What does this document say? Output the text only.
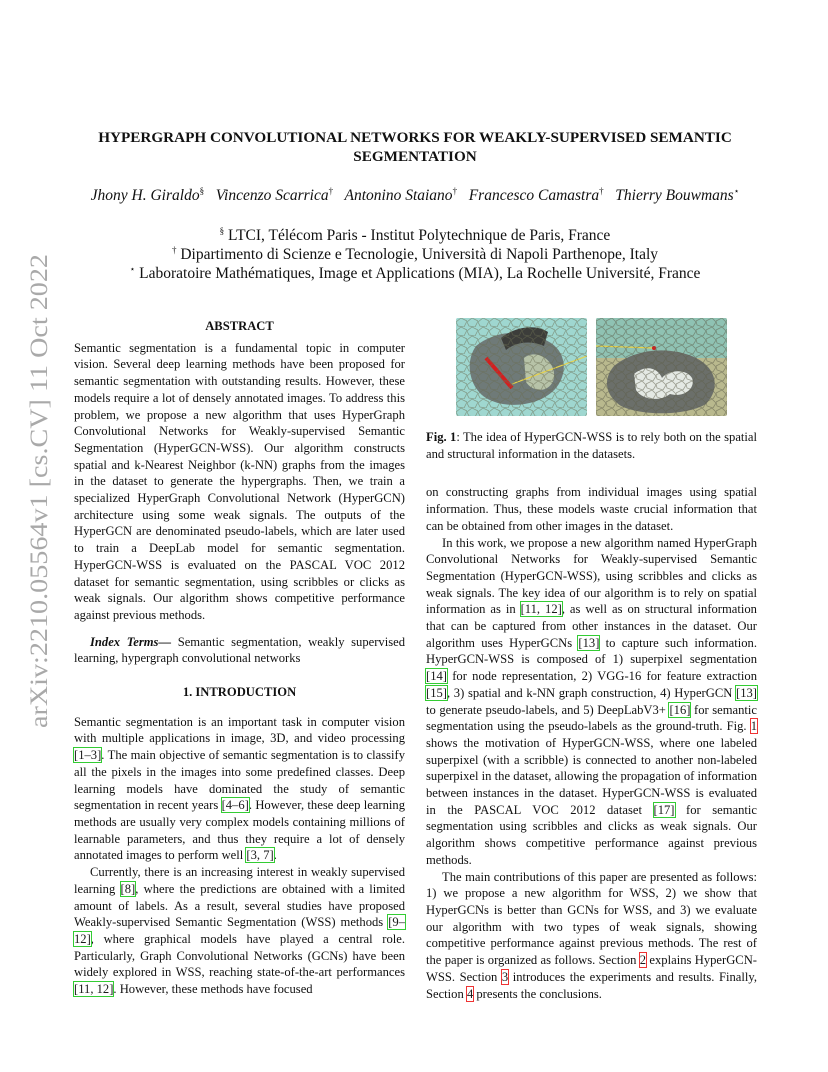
arXiv:2210.05564v1 [cs.CV] 11 Oct 2022
HYPERGRAPH CONVOLUTIONAL NETWORKS FOR WEAKLY-SUPERVISED SEMANTIC
SEGMENTATION
Jhony H. Giraldo§ Vincenzo Scarrica† Antonino Staiano† Francesco Camastra† Thierry Bouwmans⋆
§ LTCI, Télécom Paris - Institut Polytechnique de Paris, France
† Dipartimento di Scienze e Tecnologie, Università di Napoli Parthenope, Italy
⋆ Laboratoire Mathématiques, Image et Applications (MIA), La Rochelle Université, France
ABSTRACT

Semantic segmentation is a fundamental topic in computer vision. Several deep learning methods have been proposed for semantic segmentation with outstanding results. However, these models require a lot of densely annotated images. To address this problem, we propose a new algorithm that uses HyperGraph Convolutional Networks for Weakly-supervised Semantic Segmentation (HyperGCN-WSS). Our algorithm constructs spatial and k-Nearest Neighbor (k-NN) graphs from the images in the dataset to generate the hypergraphs. Then, we train a specialized HyperGraph Convolutional Network (HyperGCN) architecture using some weak signals. The outputs of the HyperGCN are denominated pseudo-labels, which are later used to train a DeepLab model for semantic segmentation. HyperGCN-WSS is evaluated on the PASCAL VOC 2012 dataset for semantic segmentation, using scribbles or clicks as weak signals. Our algorithm shows competitive performance against previous methods.

Index Terms— Semantic segmentation, weakly supervised learning, hypergraph convolutional networks

1. INTRODUCTION

Semantic segmentation is an important task in computer vision with multiple applications in image, 3D, and video processing [1–3]. The main objective of semantic segmentation is to classify all the pixels in the images into some predefined classes. Deep learning models have dominated the study of semantic segmentation in recent years [4–6]. However, these deep learning methods are usually very complex models containing millions of learnable parameters, and thus they require a lot of densely annotated images to perform well [3, 7].

Currently, there is an increasing interest in weakly supervised learning [8], where the predictions are obtained with a limited amount of labels. As a result, several studies have proposed Weakly-supervised Semantic Segmentation (WSS) methods [9–12], where graphical models have played a central role. Particularly, Graph Convolutional Networks (GCNs) have been widely explored in WSS, reaching state-of-the-art performances [11, 12]. However, these methods have focused

Fig. 1: The idea of HyperGCN-WSS is to rely both on the spatial and structural information in the datasets.

on constructing graphs from individual images using spatial information. Thus, these models waste crucial information that can be obtained from other images in the dataset.

In this work, we propose a new algorithm named HyperGraph Convolutional Networks for Weakly-supervised Semantic Segmentation (HyperGCN-WSS), using scribbles and clicks as weak signals. The key idea of our algorithm is to rely on spatial information as in [11, 12], as well as on structural information that can be captured from other instances in the dataset. Our algorithm uses HyperGCNs [13] to capture such information. HyperGCN-WSS is composed of 1) superpixel segmentation [14] for node representation, 2) VGG-16 for feature extraction [15], 3) spatial and k-NN graph construction, 4) HyperGCN [13] to generate pseudo-labels, and 5) DeepLabV3+ [16] for semantic segmentation using the pseudo-labels as the ground-truth. Fig. 1 shows the motivation of HyperGCN-WSS, where one labeled superpixel (with a scribble) is connected to another non-labeled superpixel in the dataset, allowing the propagation of information between instances in the dataset. HyperGCN-WSS is evaluated in the PASCAL VOC 2012 dataset [17] for semantic segmentation using scribbles and clicks as weak signals. Our algorithm shows competitive performance against previous methods.

The main contributions of this paper are presented as follows: 1) we propose a new algorithm for WSS, 2) we show that HyperGCNs is better than GCNs for WSS, and 3) we evaluate our algorithm with two types of weak signals, showing competitive performance against previous methods. The rest of the paper is organized as follows. Section 2 explains HyperGCN-WSS. Section 3 introduces the experiments and results. Finally, Section 4 presents the conclusions.
